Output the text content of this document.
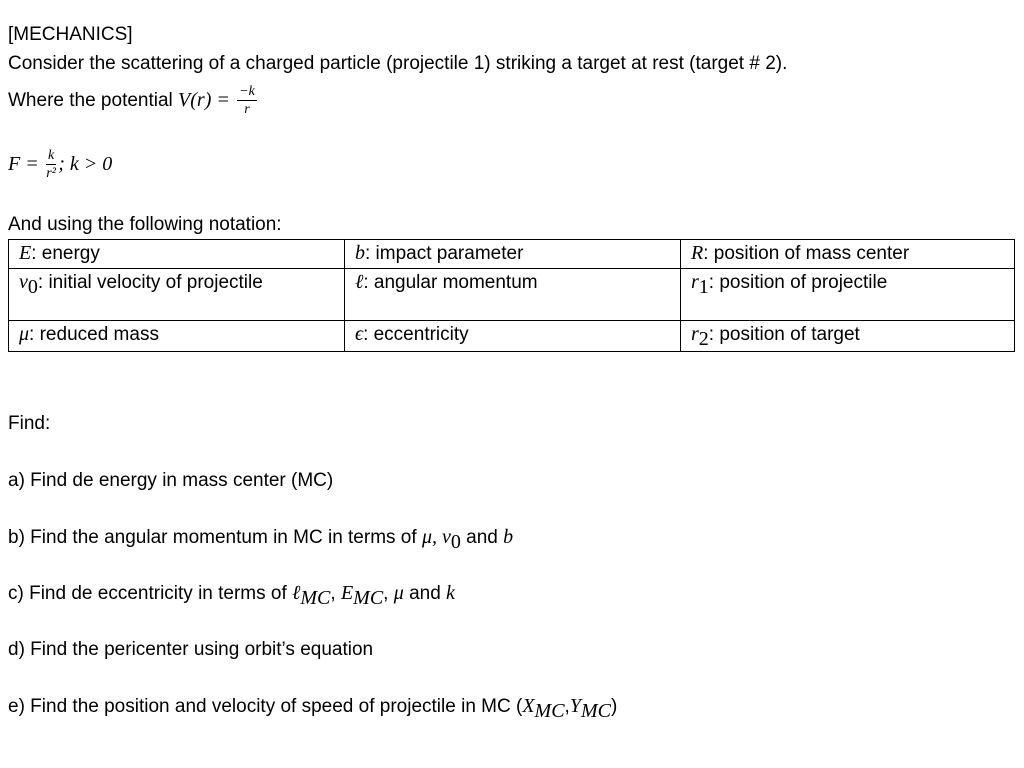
[MECHANICS]
Consider the scattering of a charged particle (projectile 1) striking a target at rest (target # 2).
Where the potential $V(r) = \frac{-k}{r}$
$F = \frac{k}{\text{r²}}$ ; k > 0
And using the following notation:
E: energy	b: impact parameter	R: position of mass center
$v_0$: initial velocity of projectile	ℓ: angular momentum	$r_1$: position of projectile
μ: reduced mass	ϵ: eccentricity	$r_2$: position of target
Find:
a) Find de energy in mass center (MC)
b) Find the angular momentum in MC in terms of μ, $v_0$ and b
c) Find de eccentricity in terms of ℓ$_{MC}$, $E_{MC}$, μ and k
d) Find the pericenter using orbit’s equation
e) Find the position and velocity of speed of projectile in MC $(X_{MC},Y_{MC})$
